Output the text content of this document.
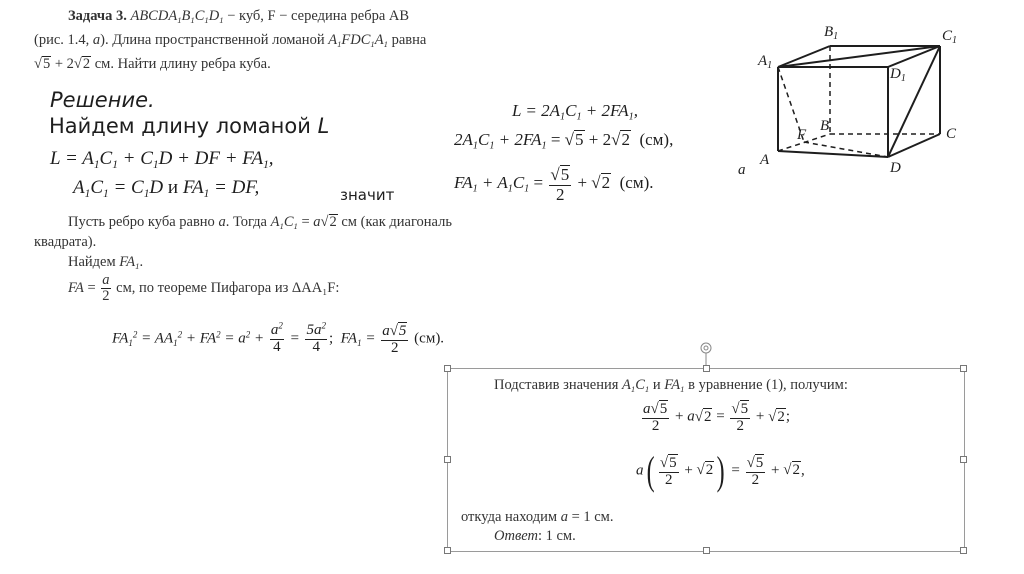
Задача 3. $ABCDA_1B_1C_1D_1$ − куб, F − середина ребра AB
(рис. 1.4, а). Длина пространственной ломаной $A_1FDC_1A_1$ равна
√ 5 + 2√ 2 см. Найти длину ребра куба.
Решение.
Найдем длину ломаной L
$L = A_1C_1 + C_1D$ + DF + $FA_1$,
$A_1C_1 = C_1D$ и $FA_1$ = DF,	значит
$L = 2A_1C_1 + 2FA_1$,
$2A_1C_1 + 2FA_1$ = √ 5 + 2√ 2 (см),
$FA_1 + A_1C_1$ =
√ $\frac{5}{2}$ + √ 2 (см).
Пусть ребро куба равно a. Тогда $A_1C_1 = a√$ 2 см (как диагональ
квадрата).
Найдем $FA_1$.
FA = $\frac{a}{2}$ см, по теореме Пифагора из ΔAA₁F:
$FA_1^2 = AA_1^2 + FA^2 = a^2 + \frac{a^2}{4} = \frac{5a^2}{4}$ ;  $FA_1 = \frac{a√ 5}{2} (см)$.
Подставив значения $A_1C_1$ и $FA_1$ в уравнение (1), получим:
$\frac{a√ 5}{2} + a√$ 2 =
√ $\frac{5}{2}$ + √ 2;
a(
√ $\frac{5}{2}$ + √ 2) =
√ $\frac{5}{2}$ + √ 2,
откуда находим a = 1 см.
Ответ: 1 см.
$B_1$	$C_1$
$A_1$
$D_1$
B
F	C
A	D
a
